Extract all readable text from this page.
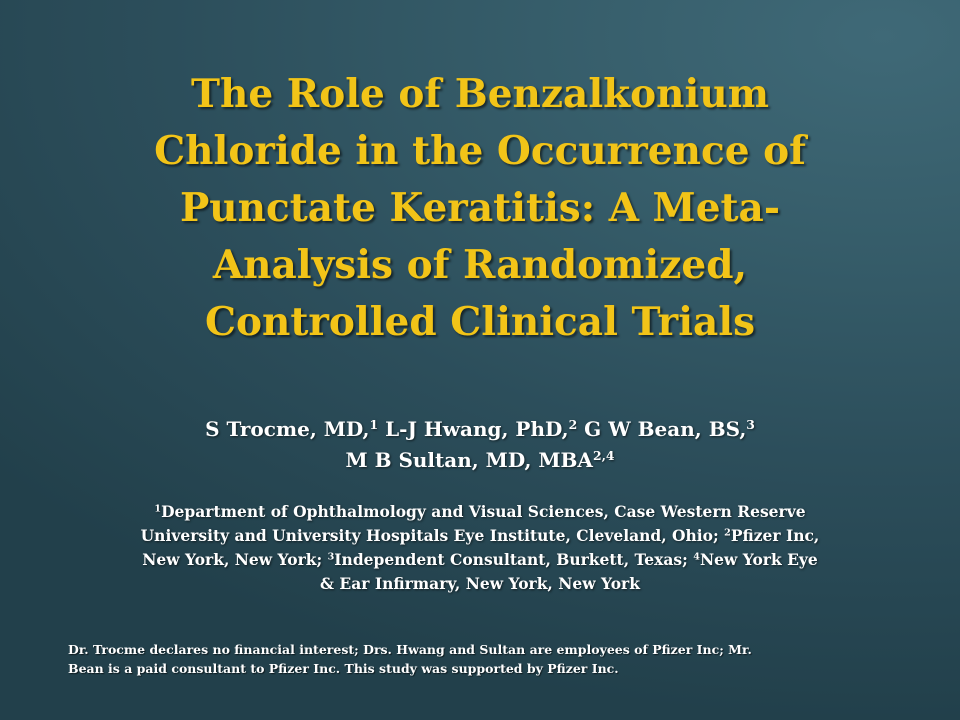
The Role of Benzalkonium
Chloride in the Occurrence of
Punctate Keratitis: A Meta-
Analysis of Randomized,
Controlled Clinical Trials
S Trocme, MD,$^1$ L-J Hwang, PhD,$^2$ G W Bean, BS,$^3$
M B Sultan, MD, MBA$^{2,4}$
$^1$Department of Ophthalmology and Visual Sciences, Case Western Reserve
University and University Hospitals Eye Institute, Cleveland, Ohio; $^2$Pfizer Inc,
New York, New York; $^3$Independent Consultant, Burkett, Texas; $^4$New York Eye
& Ear Infirmary, New York, New York
Dr. Trocme declares no financial interest; Drs. Hwang and Sultan are employees of Pfizer Inc; Mr.
Bean is a paid consultant to Pfizer Inc. This study was supported by Pfizer Inc.
